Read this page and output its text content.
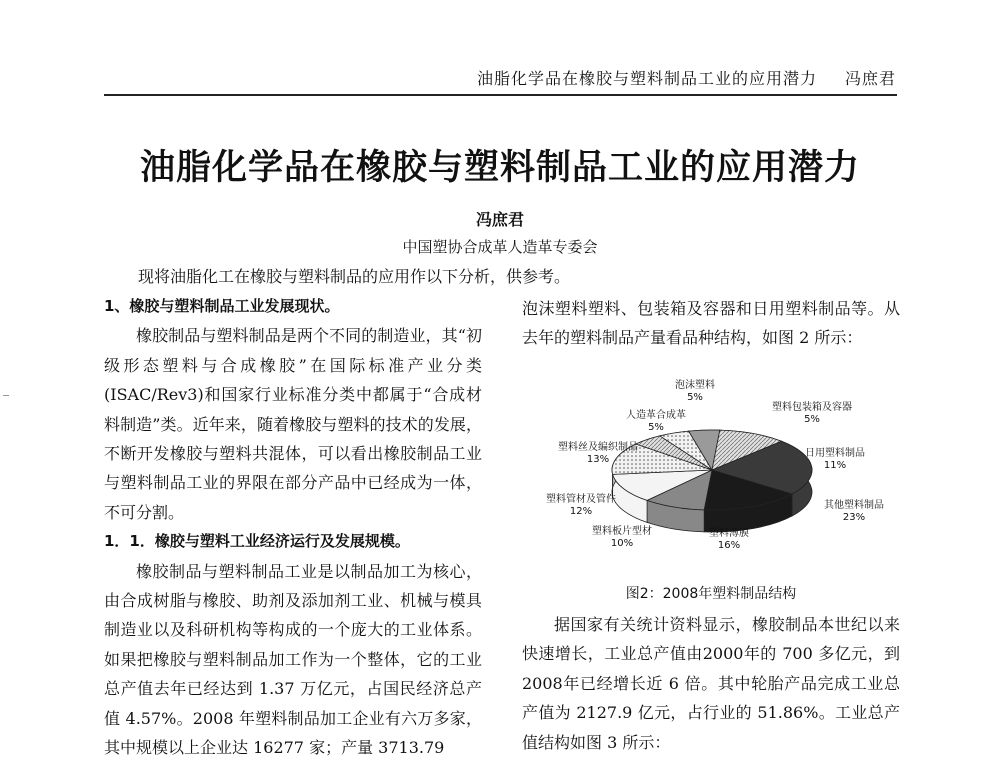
油脂化学品在橡胶与塑料制品工业的应用潜力 冯庶君
油脂化学品在橡胶与塑料制品工业的应用潜力
冯庶君
中国塑协合成革人造革专委会
现将油脂化工在橡胶与塑料制品的应用作以下分析，供参考。

1、橡胶与塑料制品工业发展现状。

橡胶制品与塑料制品是两个不同的制造业，其“初级形态塑料与合成橡胶”在国际标准产业分类(ISAC/Rev3)和国家行业标准分类中都属于“合成材料制造”类。近年来，随着橡胶与塑料的技术的发展，不断开发橡胶与塑料共混体，可以看出橡胶制品工业与塑料制品工业的界限在部分产品中已经成为一体，不可分割。

1．1．橡胶与塑料工业经济运行及发展规模。

橡胶制品与塑料制品工业是以制品加工为核心，由合成树脂与橡胶、助剂及添加剂工业、机械与模具制造业以及科研机构等构成的一个庞大的工业体系。如果把橡胶与塑料制品加工作为一个整体，它的工业总产值去年已经达到 1.37 万亿元，占国民经济总产值 4.57%。2008 年塑料制品加工企业有六万多家，其中规模以上企业达 16277 家；产量 3713.79

泡沫塑料塑料、包装箱及容器和日用塑料制品等。从去年的塑料制品产量看品种结构，如图 2 所示：

泡沫塑料
5%
塑料包装箱及容器
5%
日用塑料制品
11%
其他塑料制品
23%
塑料薄膜
16%
塑料板片型材
10%
塑料管材及管件
12%
塑料丝及编织制品
13%
人造革合成革
5%
图2：2008年塑料制品结构

据国家有关统计资料显示，橡胶制品本世纪以来快速增长，工业总产值由2000年的 700 多亿元，到2008年已经增长近 6 倍。其中轮胎产品完成工业总产值为 2127.9 亿元，占行业的 51.86%。工业总产值结构如图 3 所示：
